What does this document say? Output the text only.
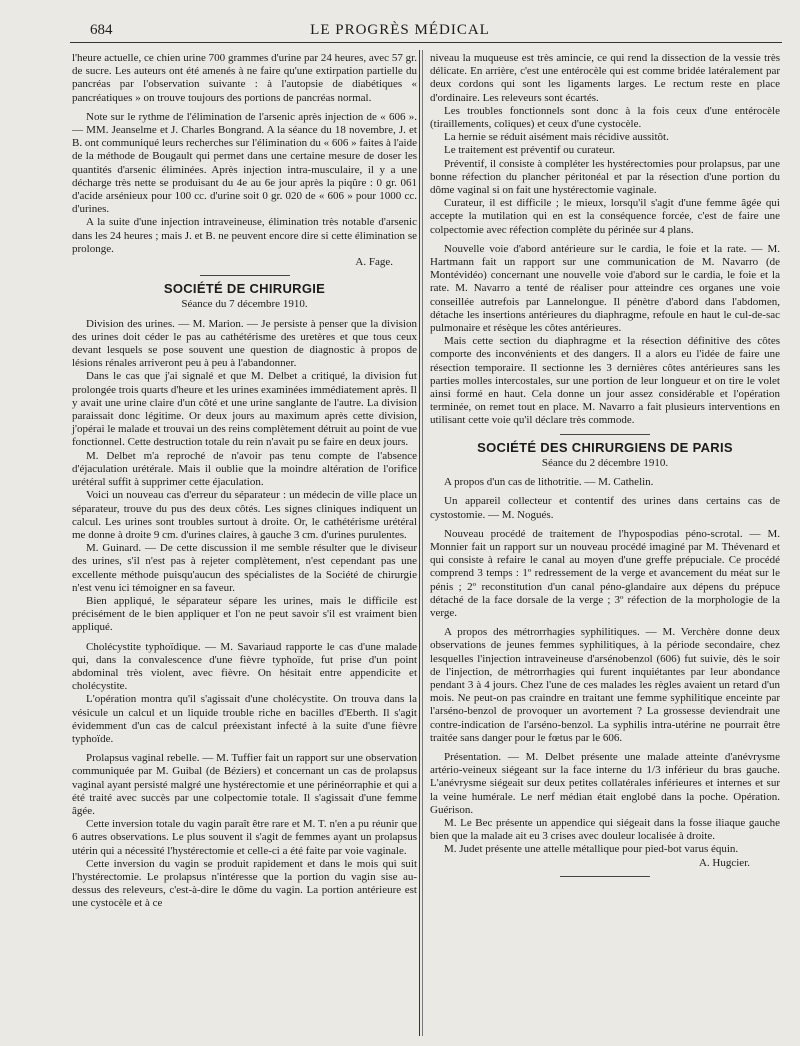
684	LE PROGRÈS MÉDICAL

l'heure actuelle, ce chien urine 700 grammes d'urine par 24 heures, avec 57 gr. de sucre. Les auteurs ont été amenés à ne faire qu'une extirpation partielle du pancréas par l'observation suivante : à l'autopsie de diabétiques « pancréatiques » on trouve toujours des portions de pancréas normal.

Note sur le rythme de l'élimination de l'arsenic après injection de « 606 ». — MM. Jeanselme et J. Charles Bongrand. A la séance du 18 novembre, J. et B. ont communiqué leurs recherches sur l'élimination du « 606 » faites à l'aide de la méthode de Bougault qui permet dans une certaine mesure de doser les quantités d'arsenic éliminées. Après injection intra-musculaire, il y a une décharge très nette se produisant du 4e au 6e jour après la piqûre : 0 gr. 061 d'acide arsénieux pour 100 cc. d'urine soit 0 gr. 020 de « 606 » pour 1000 cc. d'urines.

A la suite d'une injection intraveineuse, élimination très notable d'arsenic dans les 24 heures ; mais J. et B. ne peuvent encore dire si cette élimination se prolonge.

A. Fage.

SOCIÉTÉ DE CHIRURGIE
Séance du 7 décembre 1910.

Division des urines. — M. Marion. — Je persiste à penser que la division des urines doit céder le pas au cathétérisme des uretères et que tous ceux devant lesquels se pose souvent une question de diagnostic à propos de lésions rénales arriveront peu à peu à l'abandonner.

Dans le cas que j'ai signalé et que M. Delbet a critiqué, la division fut prolongée trois quarts d'heure et les urines examinées immédiatement après. Il y avait une urine claire d'un côté et une urine sanglante de l'autre. La division paraissait donc légitime. Or deux jours au maximum après cette division, j'opérai le malade et trouvai un des reins complètement détruit au point de vue fonctionnel. Cette destruction totale du rein n'avait pu se faire en deux jours.

M. Delbet m'a reproché de n'avoir pas tenu compte de l'absence d'éjaculation urétérale. Mais il oublie que la moindre altération de l'orifice urétéral suffit à supprimer cette éjaculation.

Voici un nouveau cas d'erreur du séparateur : un médecin de ville place un séparateur, trouve du pus des deux côtés. Les signes cliniques indiquent un calcul. Les urines sont troubles surtout à droite. Or, le cathétérisme urétéral me donne à droite 9 cm. d'urines claires, à gauche 3 cm. d'urines purulentes.

M. Guinard. — De cette discussion il me semble résulter que le diviseur des urines, s'il n'est pas à rejeter complètement, n'est cependant pas une excellente méthode puisqu'aucun des spécialistes de la Société de chirurgie n'est venu ici témoigner en sa faveur.

Bien appliqué, le séparateur sépare les urines, mais le difficile est précisément de le bien appliquer et l'on ne peut savoir s'il est vraiment bien appliqué.

Cholécystite typhoïdique. — M. Savariaud rapporte le cas d'une malade qui, dans la convalescence d'une fièvre typhoïde, fut prise d'un point abdominal très violent, avec fièvre. On hésitait entre appendicite et cholécystite.

L'opération montra qu'il s'agissait d'une cholécystite. On trouva dans la vésicule un calcul et un liquide trouble riche en bacilles d'Eberth. Il s'agit évidemment d'un cas de calcul préexistant infecté à la suite d'une fièvre typhoïde.

Prolapsus vaginal rebelle. — M. Tuffier fait un rapport sur une observation communiquée par M. Guibal (de Béziers) et concernant un cas de prolapsus vaginal ayant persisté malgré une hystérectomie et une périnéorraphie et qui a été traité avec succès par une colpectomie totale. Il s'agissait d'une femme âgée.

Cette inversion totale du vagin paraît être rare et M. T. n'en a pu réunir que 6 autres observations. Le plus souvent il s'agit de femmes ayant un prolapsus utérin qui a nécessité l'hystérectomie et celle-ci a été faite par voie vaginale.

Cette inversion du vagin se produit rapidement et dans le mois qui suit l'hystérectomie. Le prolapsus n'intéresse que la portion du vagin sise au-dessus des releveurs, c'est-à-dire le dôme du vagin. La portion antérieure est une cystocèle et à ce

niveau la muqueuse est très amincie, ce qui rend la dissection de la vessie très délicate. En arrière, c'est une entérocèle qui est comme bridée latéralement par deux cordons qui sont les ligaments larges. Le rectum reste en place d'ordinaire. Les releveurs sont écartés.

Les troubles fonctionnels sont donc à la fois ceux d'une entérocèle (tiraillements, coliques) et ceux d'une cystocèle.

La hernie se réduit aisément mais récidive aussitôt.

Le traitement est préventif ou curateur.

Préventif, il consiste à compléter les hystérectomies pour prolapsus, par une bonne réfection du plancher péritonéal et par la résection d'une portion du dôme vaginal si on fait une hystérectomie vaginale.

Curateur, il est difficile ; le mieux, lorsqu'il s'agit d'une femme âgée qui accepte la mutilation qui en est la conséquence forcée, c'est de faire une colpectomie avec réfection complète du périnée sur 4 plans.

Nouvelle voie d'abord antérieure sur le cardia, le foie et la rate. — M. Hartmann fait un rapport sur une communication de M. Navarro (de Montévidéo) concernant une nouvelle voie d'abord sur le cardia, le foie et la rate. M. Navarro a tenté de réaliser pour atteindre ces organes une voie conseillée autrefois par Lannelongue. Il pénètre d'abord dans l'abdomen, détache les insertions antérieures du diaphragme, refoule en haut le cul-de-sac pulmonaire et résèque les côtes antérieures.

Mais cette section du diaphragme et la résection définitive des côtes comporte des inconvénients et des dangers. Il a alors eu l'idée de faire une résection temporaire. Il sectionne les 3 dernières côtes antérieures sans les parties molles intercostales, sur une portion de leur longueur et on tire le volet ainsi formé en haut. Cela donne un jour assez considérable et l'opération terminée, on remet tout en place. M. Navarro a fait plusieurs interventions en utilisant cette voie qu'il déclare très commode.

SOCIÉTÉ DES CHIRURGIENS DE PARIS
Séance du 2 décembre 1910.

A propos d'un cas de lithotritie. — M. Cathelin.

Un appareil collecteur et contentif des urines dans certains cas de cystostomie. — M. Nogués.

Nouveau procédé de traitement de l'hypospodias péno-scrotal. — M. Monnier fait un rapport sur un nouveau procédé imaginé par M. Thévenard et qui consiste à refaire le canal au moyen d'une greffe prépuciale. Ce procédé comprend 3 temps : 1º redressement de la verge et avancement du méat sur le pénis ; 2º reconstitution d'un canal péno-glandaire aux dépens du prépuce détaché de la face dorsale de la verge ; 3º réfection de la morphologie de la verge.

A propos des métrorrhagies syphilitiques. — M. Verchère donne deux observations de jeunes femmes syphilitiques, à la période secondaire, chez lesquelles l'injection intraveineuse d'arsénobenzol (606) fut suivie, dès le soir de l'injection, de métrorrhagies qui furent inquiétantes par leur abondance pendant 3 à 4 jours. Chez l'une de ces malades les règles avaient un retard d'un mois. Ne peut-on pas craindre en traitant une femme syphilitique enceinte par l'arséno-benzol de provoquer un avortement ? La grossesse deviendrait une contre-indication de l'arséno-benzol. La syphilis intra-utérine ne pourrait être traitée sans danger pour le fœtus par le 606.

Présentation. — M. Delbet présente une malade atteinte d'anévrysme artério-veineux siégeant sur la face interne du 1/3 inférieur du bras gauche. L'anévrysme siégeait sur deux petites collatérales inférieures et internes et sur la veine humérale. Le nerf médian était englobé dans la poche. Opération. Guérison.

M. Le Bec présente un appendice qui siégeait dans la fosse iliaque gauche bien que la malade ait eu 3 crises avec douleur localisée à droite.

M. Judet présente une attelle métallique pour pied-bot varus équin.

A. Hugcier.
